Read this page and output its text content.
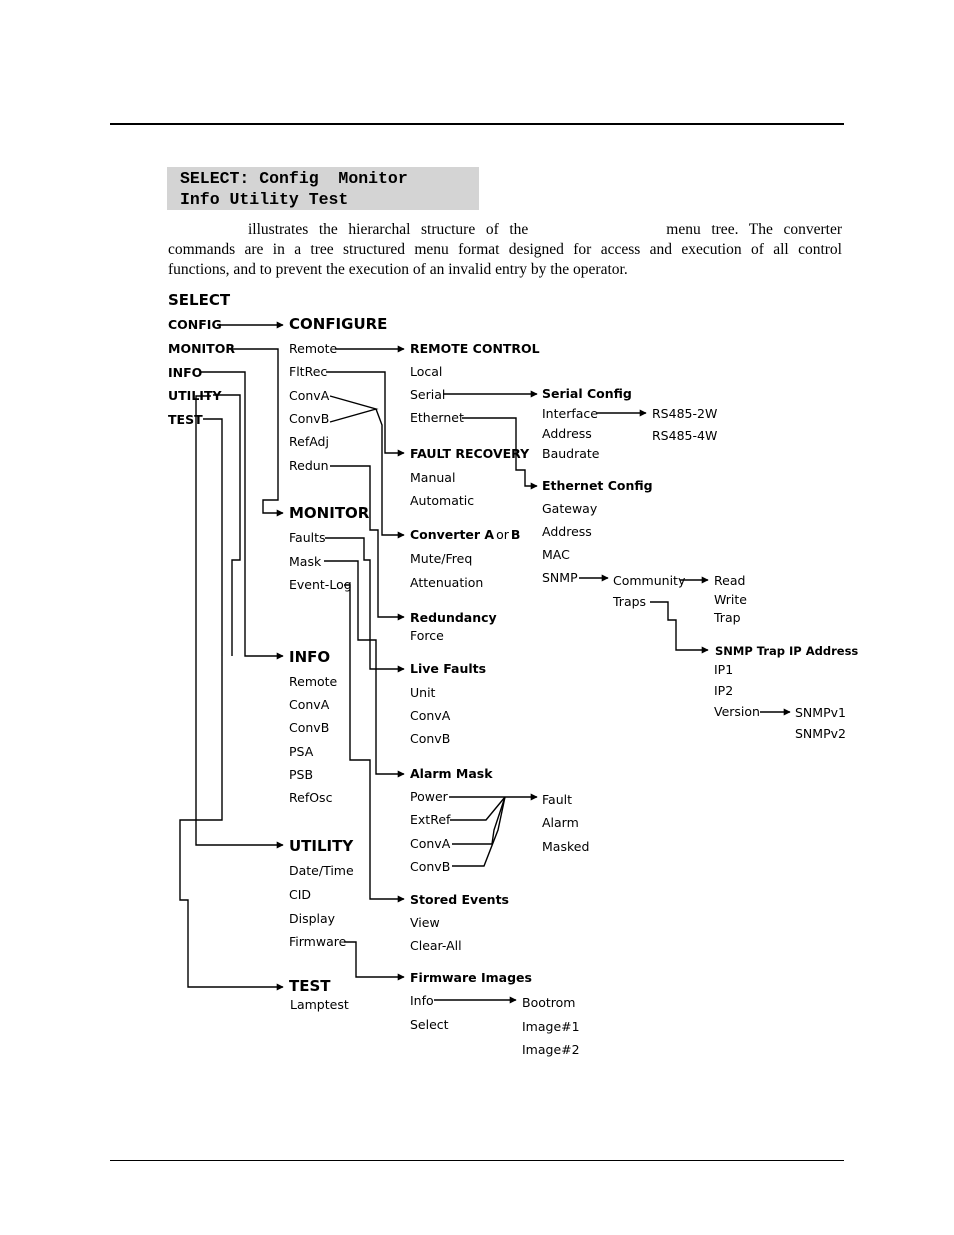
SELECT: Config  Monitor
Info Utility Test

illustrates the hierarchal structure of the	menu tree. The converter
commands are in a tree structured menu format designed for access and execution of all control
functions, and to prevent the execution of an invalid entry by the operator.

SELECT
CONFIG
MONITOR
INFO
UTILITY
TEST
CONFIGURE
Remote
FltRec
ConvA
ConvB
RefAdj
Redun
MONITOR
Faults
Mask
Event-Log
INFO
Remote
ConvA
ConvB
PSA
PSB
RefOsc
UTILITY
Date/Time
CID
Display
Firmware
TEST
Lamptest
REMOTE CONTROL
Local
Serial
Ethernet
FAULT RECOVERY
Manual
Automatic
Converter A or B
Mute/Freq
Attenuation
Redundancy
Force
Live Faults
Unit
ConvA
ConvB
Alarm Mask
Power
ExtRef
ConvA
ConvB
Fault
Alarm
Masked
Stored Events
View
Clear-All
Firmware Images
Info
Select
Bootrom
Image#1
Image#2
Serial Config
Interface
Address
Baudrate
RS485-2W
RS485-4W
Ethernet Config
Gateway
Address
MAC
SNMP	Community
Traps
Read
Write
Trap
SNMP Trap IP Address
IP1
IP2
Version	SNMPv1
SNMPv2
